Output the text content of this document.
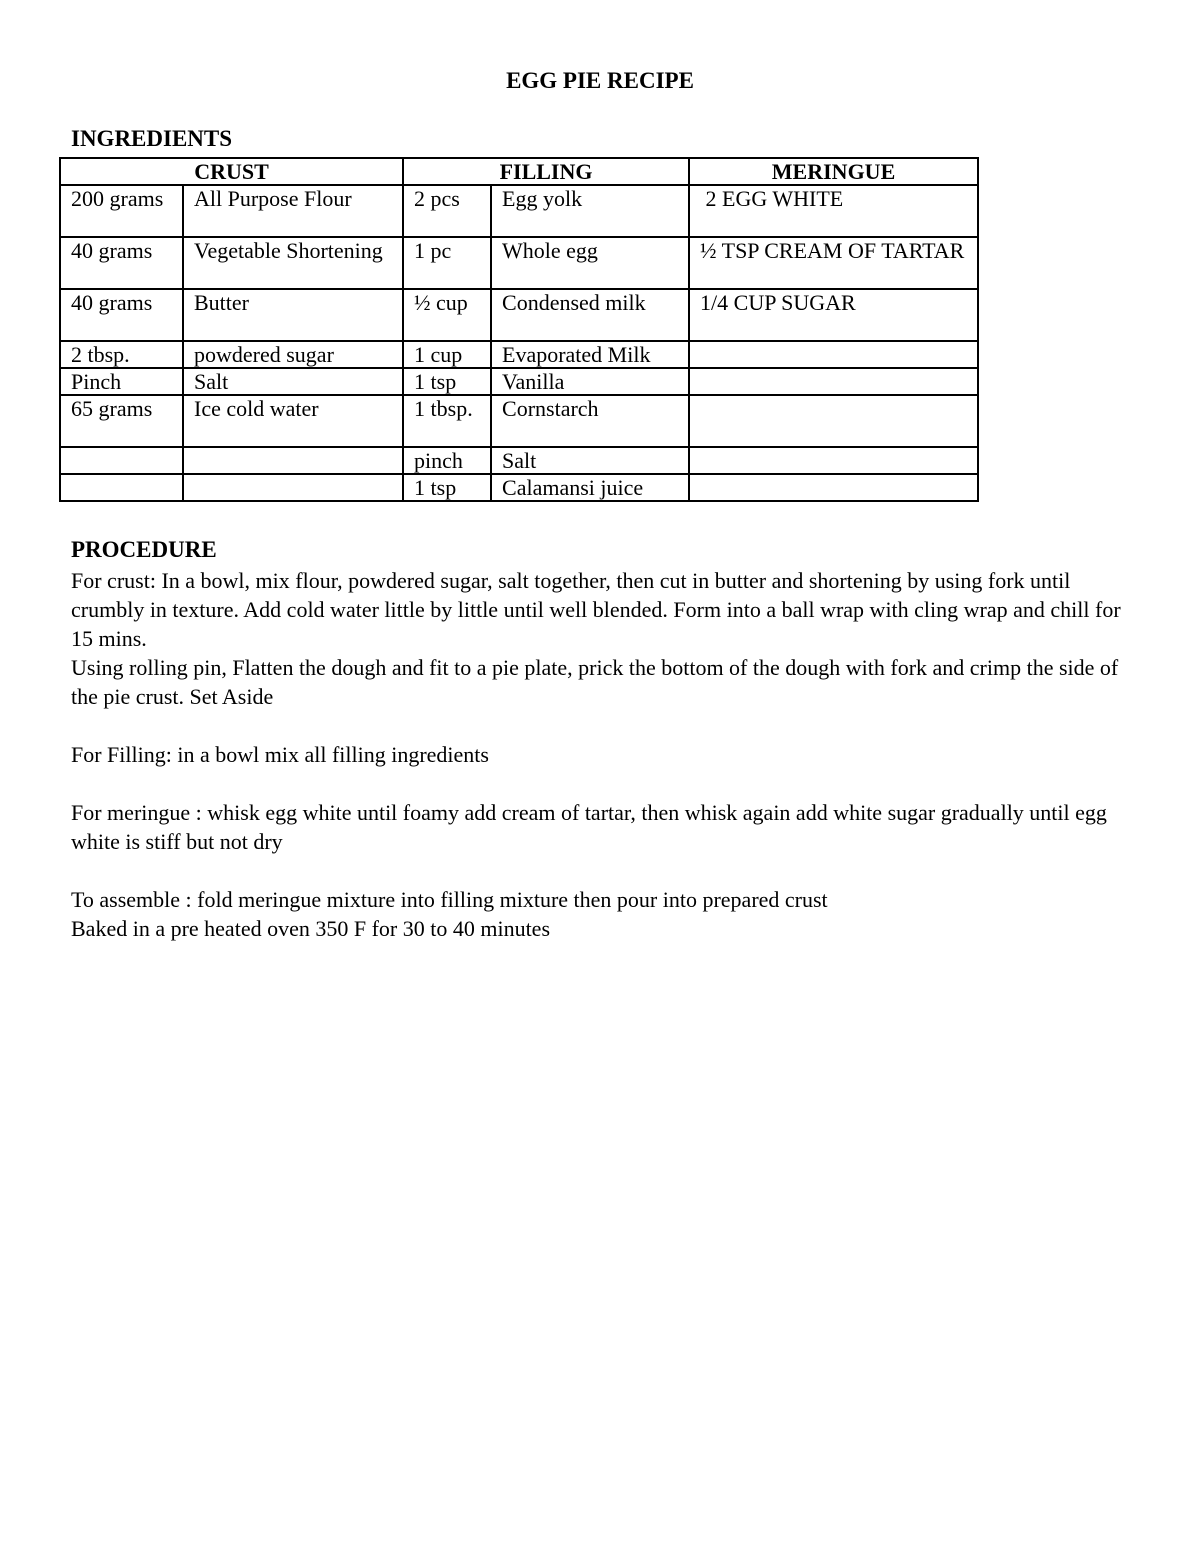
EGG PIE RECIPE
INGREDIENTS
CRUST		FILLING		MERINGUE
200 grams	All Purpose Flour	2 pcs	Egg yolk	2 EGG WHITE
40 grams	Vegetable Shortening	1 pc	Whole egg	½ TSP CREAM OF TARTAR
40 grams	Butter	½ cup	Condensed milk	1/4 CUP SUGAR
2 tbsp.	powdered sugar	1 cup	Evaporated Milk	
Pinch	Salt	1 tsp	Vanilla	
65 grams	Ice cold water	1 tbsp.	Cornstarch	
		pinch	Salt	
		1 tsp	Calamansi juice	
PROCEDURE

For crust: In a bowl, mix flour, powdered sugar, salt together, then cut in butter and shortening by using fork until crumbly in texture. Add cold water little by little until well blended. Form into a ball wrap with cling wrap and chill for 15 mins.

Using rolling pin, Flatten the dough and fit to a pie plate, prick the bottom of the dough with fork and crimp the side of the pie crust. Set Aside

For Filling: in a bowl mix all filling ingredients

For meringue : whisk egg white until foamy add cream of tartar, then whisk again add white sugar gradually until egg white is stiff but not dry

To assemble : fold meringue mixture into filling mixture then pour into prepared crust

Baked in a pre heated oven 350 F for 30 to 40 minutes
